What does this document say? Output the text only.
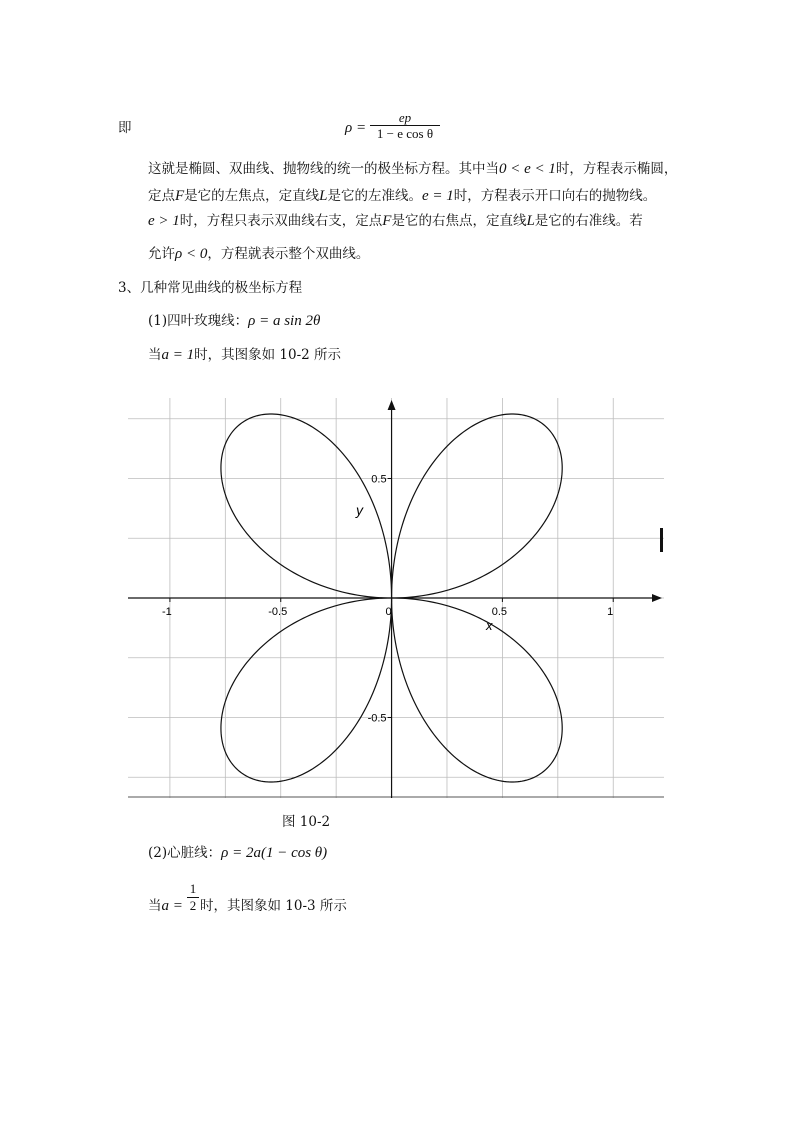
即	ρ =
ep
1 − e cos θ
这就是椭圆、双曲线、抛物线的统一的极坐标方程。其中当0 < e < 1时，方程表示椭圆，
定点F是它的左焦点，定直线L是它的左准线。e = 1时，方程表示开口向右的抛物线。
e > 1时，方程只表示双曲线右支，定点F是它的右焦点，定直线L是它的右准线。若
允许ρ < 0，方程就表示整个双曲线。
3、几种常见曲线的极坐标方程
(1)四叶玫瑰线：ρ = a sin 2θ
当a = 1时，其图象如 10-2 所示
-1	-0.5	0	0.5	1
0.5
-0.5
x
y
图 10-2
(2)心脏线：ρ = 2a(1 − cos θ)
当a =
1
2 时，其图象如 10-3 所示
